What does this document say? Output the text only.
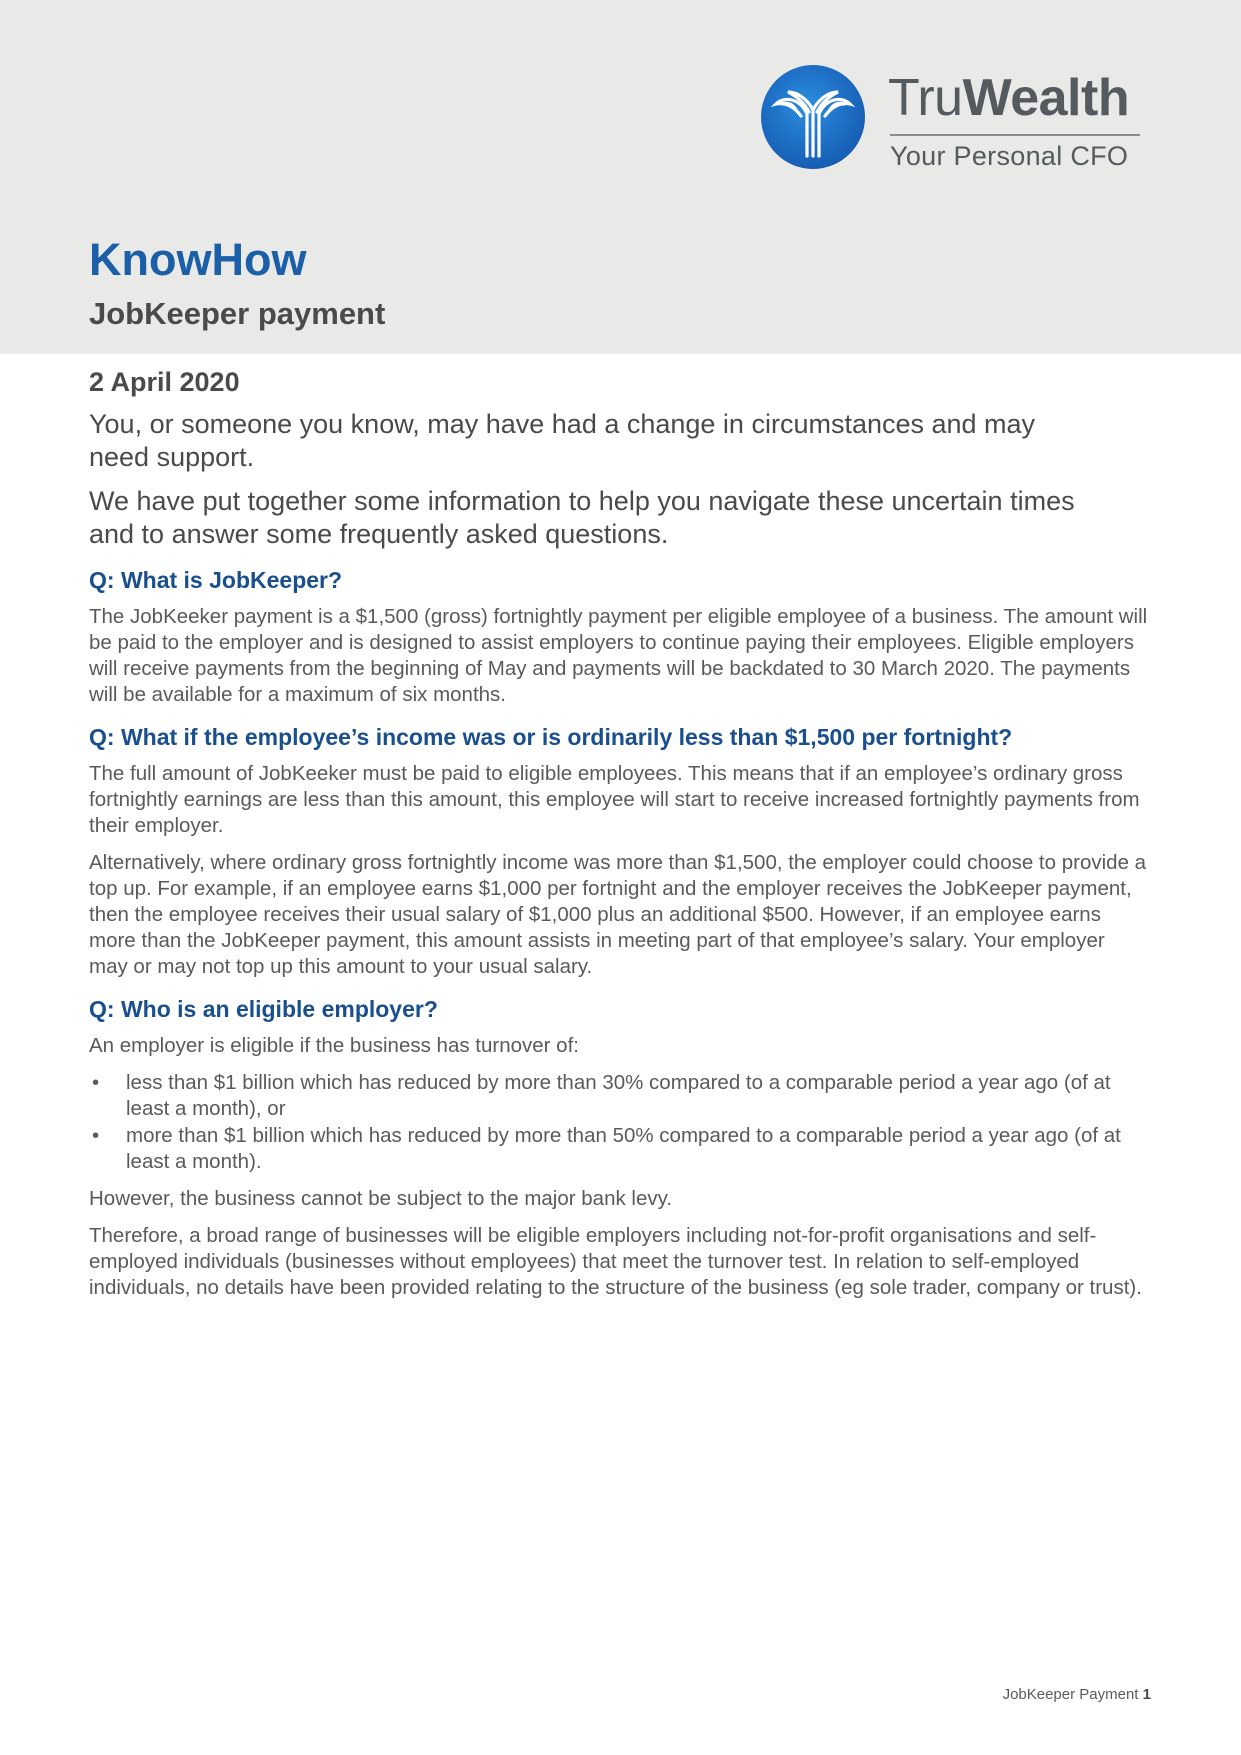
TruWealth
Your Personal CFO
KnowHow
JobKeeper payment

2 April 2020

You, or someone you know, may have had a change in circumstances and may need support.

We have put together some information to help you navigate these uncertain times and to answer some frequently asked questions.

Q: What is JobKeeper?

The JobKeeker payment is a $1,500 (gross) fortnightly payment per eligible employee of a business. The amount will be paid to the employer and is designed to assist employers to continue paying their employees. Eligible employers will receive payments from the beginning of May and payments will be backdated to 30 March 2020. The payments will be available for a maximum of six months.

Q: What if the employee’s income was or is ordinarily less than $1,500 per fortnight?

The full amount of JobKeeker must be paid to eligible employees. This means that if an employee’s ordinary gross fortnightly earnings are less than this amount, this employee will start to receive increased fortnightly payments from their employer.

Alternatively, where ordinary gross fortnightly income was more than $1,500, the employer could choose to provide a top up. For example, if an employee earns $1,000 per fortnight and the employer receives the JobKeeper payment, then the employee receives their usual salary of $1,000 plus an additional $500. However, if an employee earns more than the JobKeeper payment, this amount assists in meeting part of that employee’s salary. Your employer may or may not top up this amount to your usual salary.

Q: Who is an eligible employer?

An employer is eligible if the business has turnover of:

• less than $1 billion which has reduced by more than 30% compared to a comparable period a year ago (of at least a month), or
• more than $1 billion which has reduced by more than 50% compared to a comparable period a year ago (of at least a month).

However, the business cannot be subject to the major bank levy.

Therefore, a broad range of businesses will be eligible employers including not-for-profit organisations and self-employed individuals (businesses without employees) that meet the turnover test. In relation to self-employed individuals, no details have been provided relating to the structure of the business (eg sole trader, company or trust).

JobKeeper Payment 1
